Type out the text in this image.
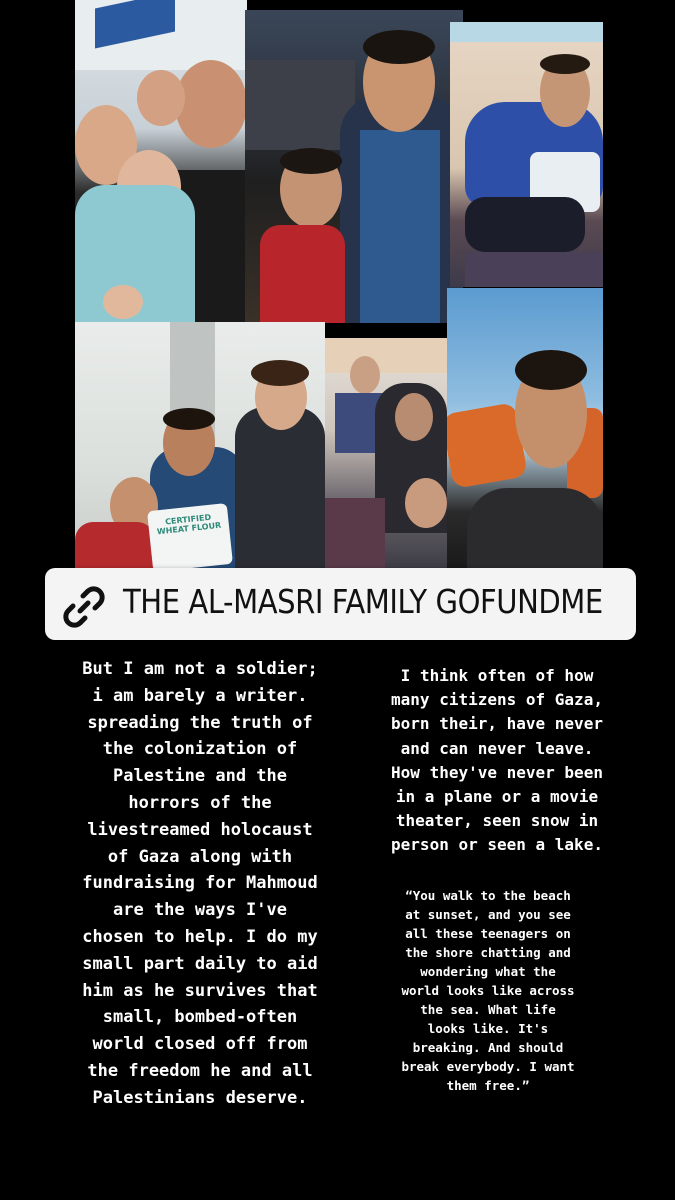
CERTIFIED
WHEAT FLOUR
THE AL-MASRI FAMILY GOFUNDME
But I am not a soldier;
i am barely a writer.
spreading the truth of
the colonization of
Palestine and the
horrors of the
livestreamed holocaust
of Gaza along with
fundraising for Mahmoud
are the ways I've
chosen to help. I do my
small part daily to aid
him as he survives that
small, bombed-often
world closed off from
the freedom he and all
Palestinians deserve.
I think often of how
many citizens of Gaza,
born their, have never
and can never leave.
How they've never been
in a plane or a movie
theater, seen snow in
person or seen a lake.
“You walk to the beach
at sunset, and you see
all these teenagers on
the shore chatting and
wondering what the
world looks like across
the sea. What life
looks like. It's
breaking. And should
break everybody. I want
them free.”
